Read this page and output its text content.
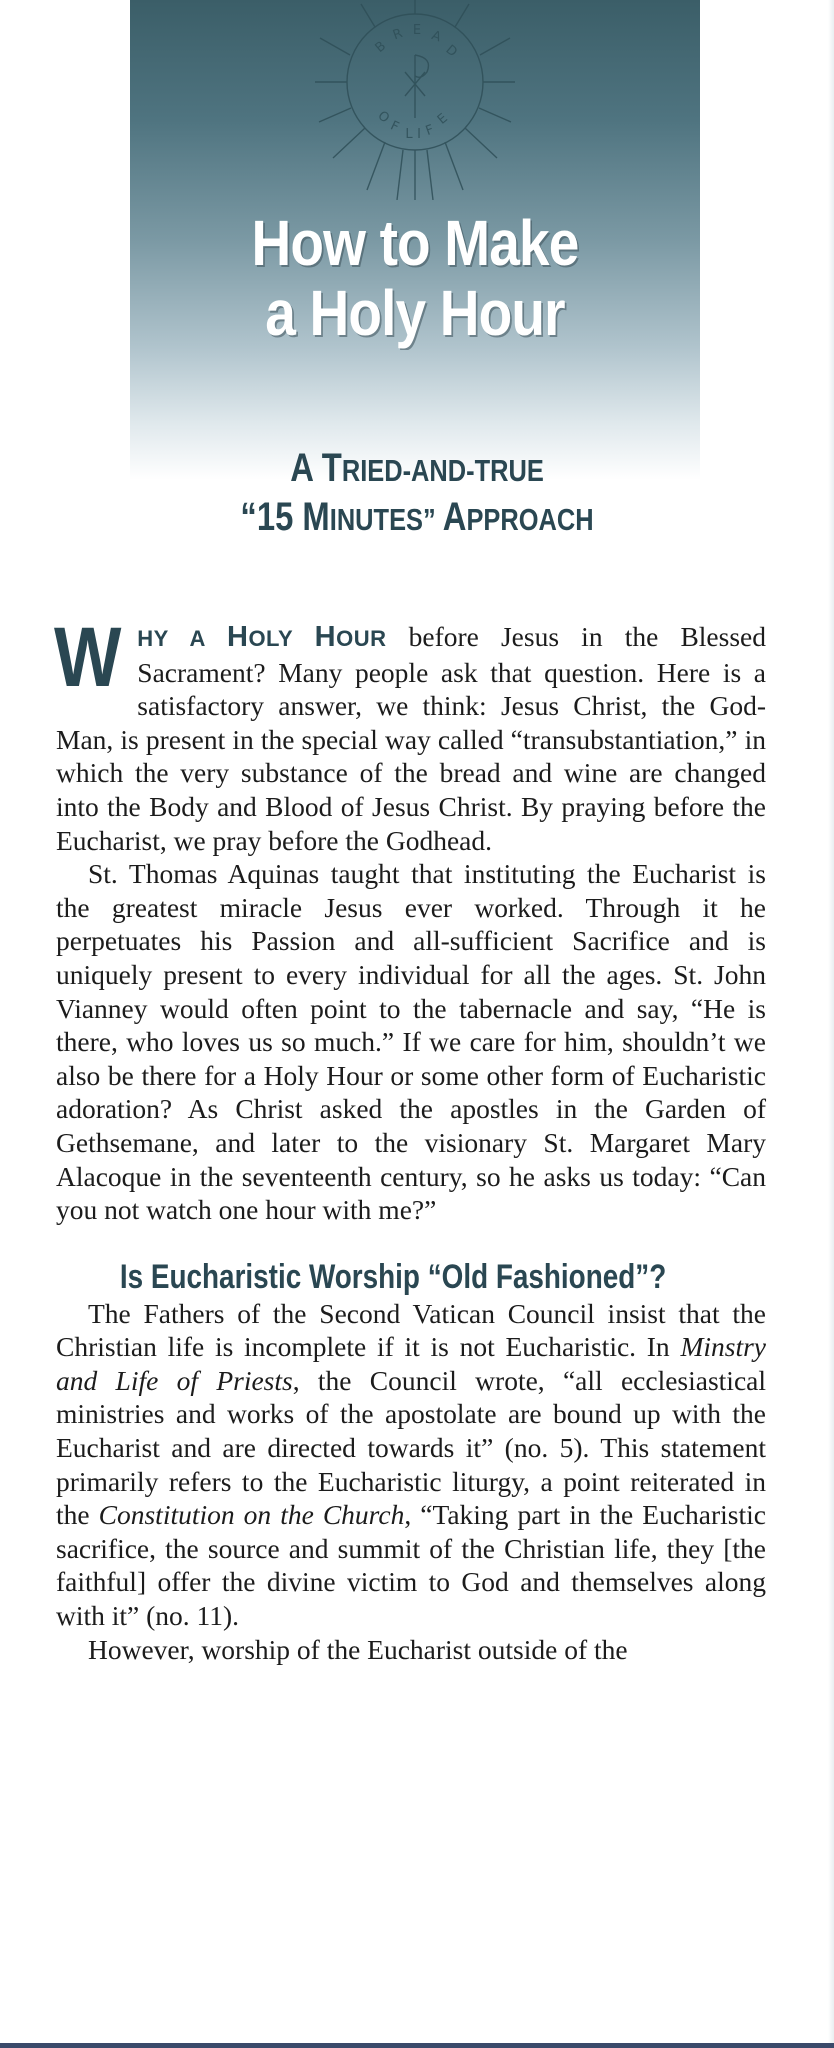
B
R E A
D
O
F L I F
E
How to Make
a Holy Hour
A TRIED-AND-TRUE
“15 MINUTES” APPROACH

WHY A HOLY HOUR before Jesus in the Blessed Sacrament? Many people ask that question. Here is a satisfactory answer, we think: Jesus Christ, the God-Man, is present in the special way called “transubstantiation,” in which the very substance of the bread and wine are changed into the Body and Blood of Jesus Christ. By praying before the Eucharist, we pray before the Godhead.

St. Thomas Aquinas taught that instituting the Eucharist is the greatest miracle Jesus ever worked. Through it he perpetuates his Passion and all-sufficient Sacrifice and is uniquely present to every individual for all the ages. St. John Vianney would often point to the tabernacle and say, “He is there, who loves us so much.” If we care for him, shouldn’t we also be there for a Holy Hour or some other form of Eucharistic adoration? As Christ asked the apostles in the Garden of Gethsemane, and later to the visionary St. Margaret Mary Alacoque in the seventeenth century, so he asks us today: “Can you not watch one hour with me?”

Is Eucharistic Worship “Old Fashioned”?

The Fathers of the Second Vatican Council insist that the Christian life is incomplete if it is not Eucharistic. In Minstry and Life of Priests, the Council wrote, “all ecclesiastical ministries and works of the apostolate are bound up with the Eucharist and are directed towards it” (no. 5). This statement primarily refers to the Eucharistic liturgy, a point reiterated in the Constitution on the Church, “Taking part in the Eucharistic sacrifice, the source and summit of the Christian life, they [the faithful] offer the divine victim to God and themselves along with it” (no. 11).

However, worship of the Eucharist outside of the
